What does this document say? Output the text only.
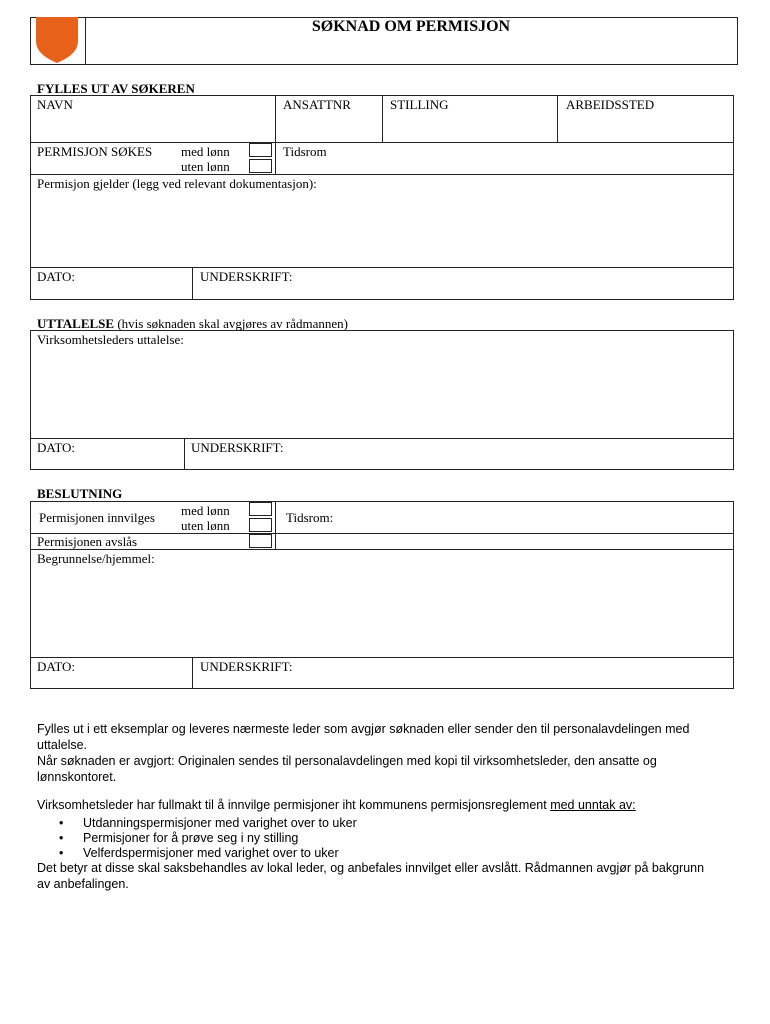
SØKNAD OM PERMISJON
FYLLES UT AV SØKEREN
NAVN	ANSATTNR	STILLING	ARBEIDSSTED
PERMISJON SØKES med lønn
uten lønn
Tidsrom
Permisjon gjelder (legg ved relevant dokumentasjon):
DATO:	UNDERSKRIFT:
UTTALELSE (hvis søknaden skal avgjøres av rådmannen)
Virksomhetsleders uttalelse:
DATO:	UNDERSKRIFT:
BESLUTNING
Permisjonen innvilges med lønn
uten lønn
Tidsrom:
Permisjonen avslås
Begrunnelse/hjemmel:
DATO:	UNDERSKRIFT:
Fylles ut i ett eksemplar og leveres nærmeste leder som avgjør søknaden eller sender den til personalavdelingen med
uttalelse.
Når søknaden er avgjort: Originalen sendes til personalavdelingen med kopi til virksomhetsleder, den ansatte og
lønnskontoret.
Virksomhetsleder har fullmakt til å innvilge permisjoner iht kommunens permisjonsreglement med unntak av:
• Utdanningspermisjoner med varighet over to uker
• Permisjoner for å prøve seg i ny stilling
• Velferdspermisjoner med varighet over to uker
Det betyr at disse skal saksbehandles av lokal leder, og anbefales innvilget eller avslått. Rådmannen avgjør på bakgrunn
av anbefalingen.
